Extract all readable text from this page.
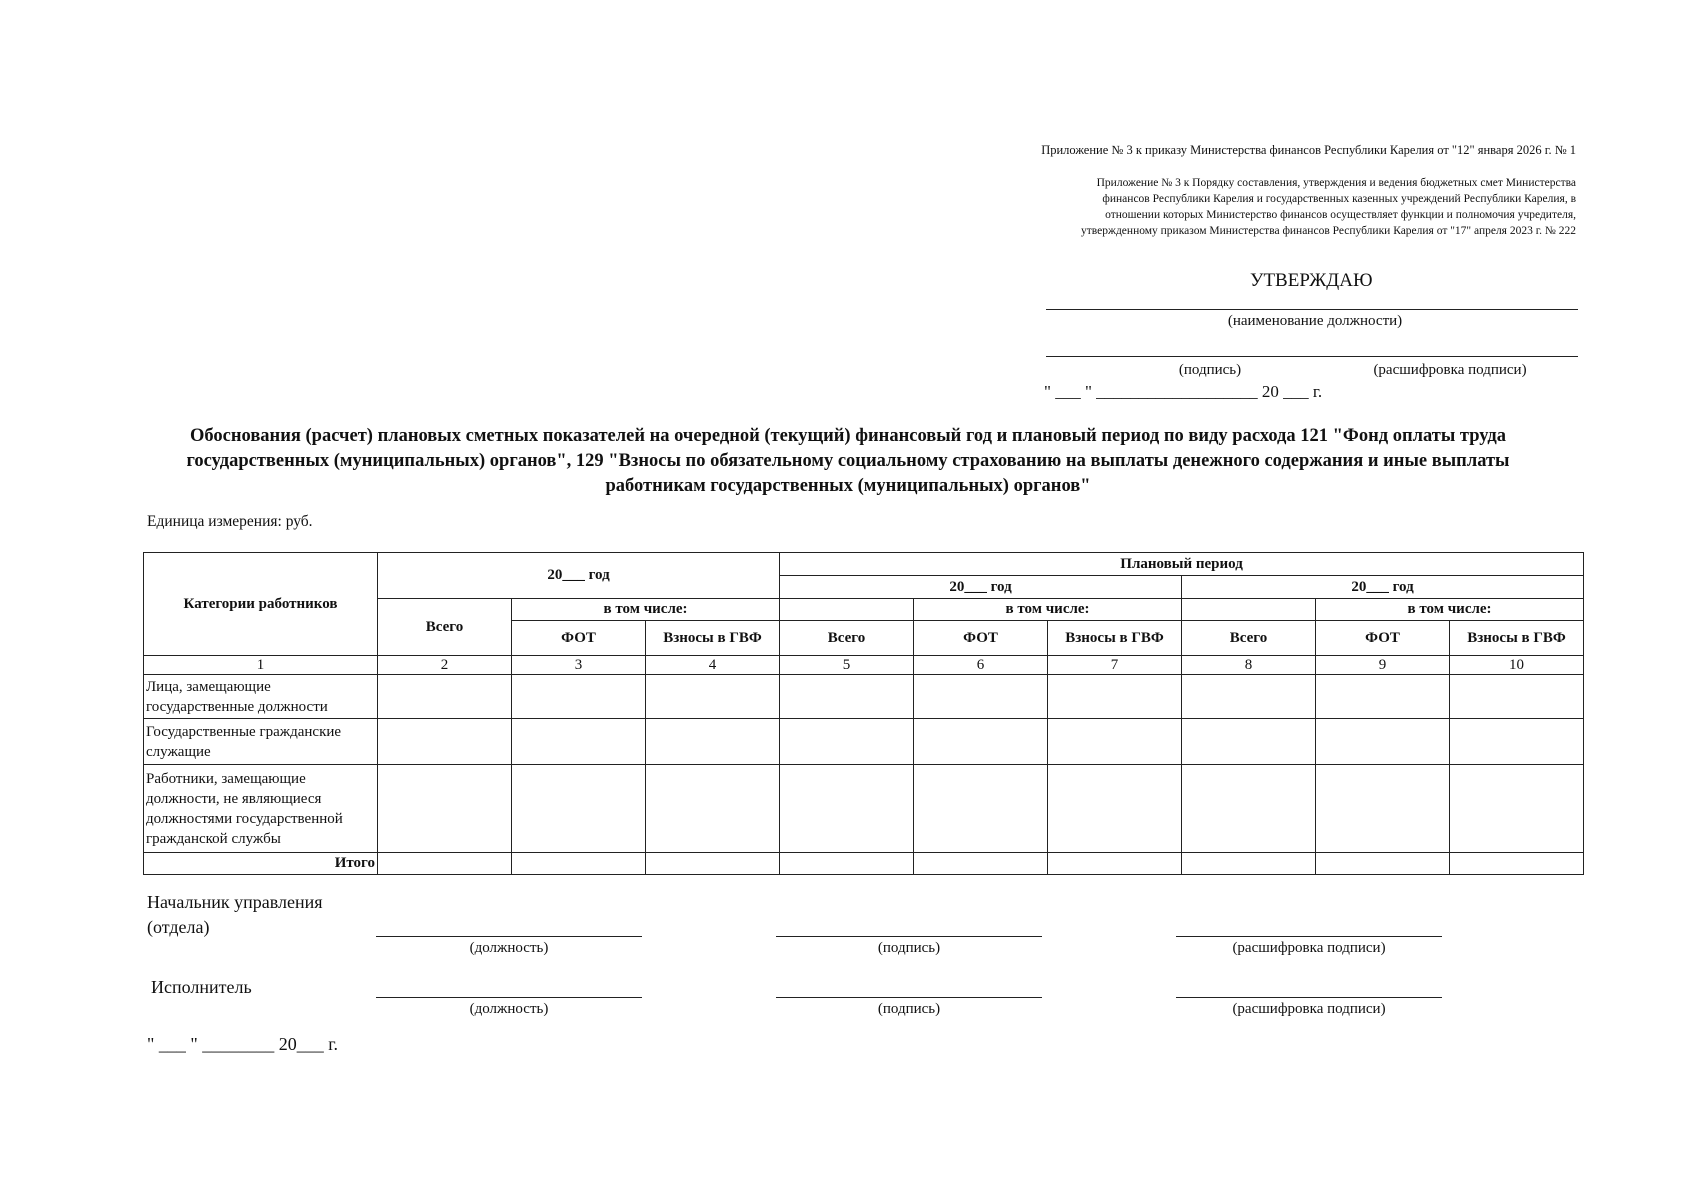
Приложение № 3 к приказу Министерства финансов Республики Карелия от "12" января 2026 г. № 1
Приложение № 3 к Порядку составления, утверждения и ведения бюджетных смет Министерства
финансов Республики Карелия и государственных казенных учреждений Республики Карелия, в
отношении которых Министерство финансов осуществляет функции и полномочия учредителя,
утвержденному приказом Министерства финансов Республики Карелия от "17" апреля 2023 г. № 222
УТВЕРЖДАЮ
(наименование должности)
(подпись)	(расшифровка подписи)
" ___ " ___________________ 20 ___ г.
Обоснования (расчет) плановых сметных показателей на очередной (текущий) финансовый год и плановый период по виду расхода 121 "Фонд оплаты труда государственных (муниципальных) органов", 129 "Взносы по обязательному социальному страхованию на выплаты денежного содержания и иные выплаты работникам государственных (муниципальных) органов"
Единица измерения: руб.
Категории работников	20___ год			Плановый период					
				20___ год			20___ год		
	Всего	в том числе:			в том числе:			в том числе:	
		ФОТ	Взносы в ГВФ	Всего	ФОТ	Взносы в ГВФ	Всего	ФОТ	Взносы в ГВФ
1	2	3	4	5	6	7	8	9	10
Лица, замещающие государственные должности									
Государственные гражданские служащие									
Работники, замещающие должности, не являющиеся должностями государственной гражданской службы									
Итого									
Начальник управления
(отдела)
(должность)	(подпись)	(расшифровка подписи)
Исполнитель
(должность)	(подпись)	(расшифровка подписи)
" ___ " ________ 20___ г.
